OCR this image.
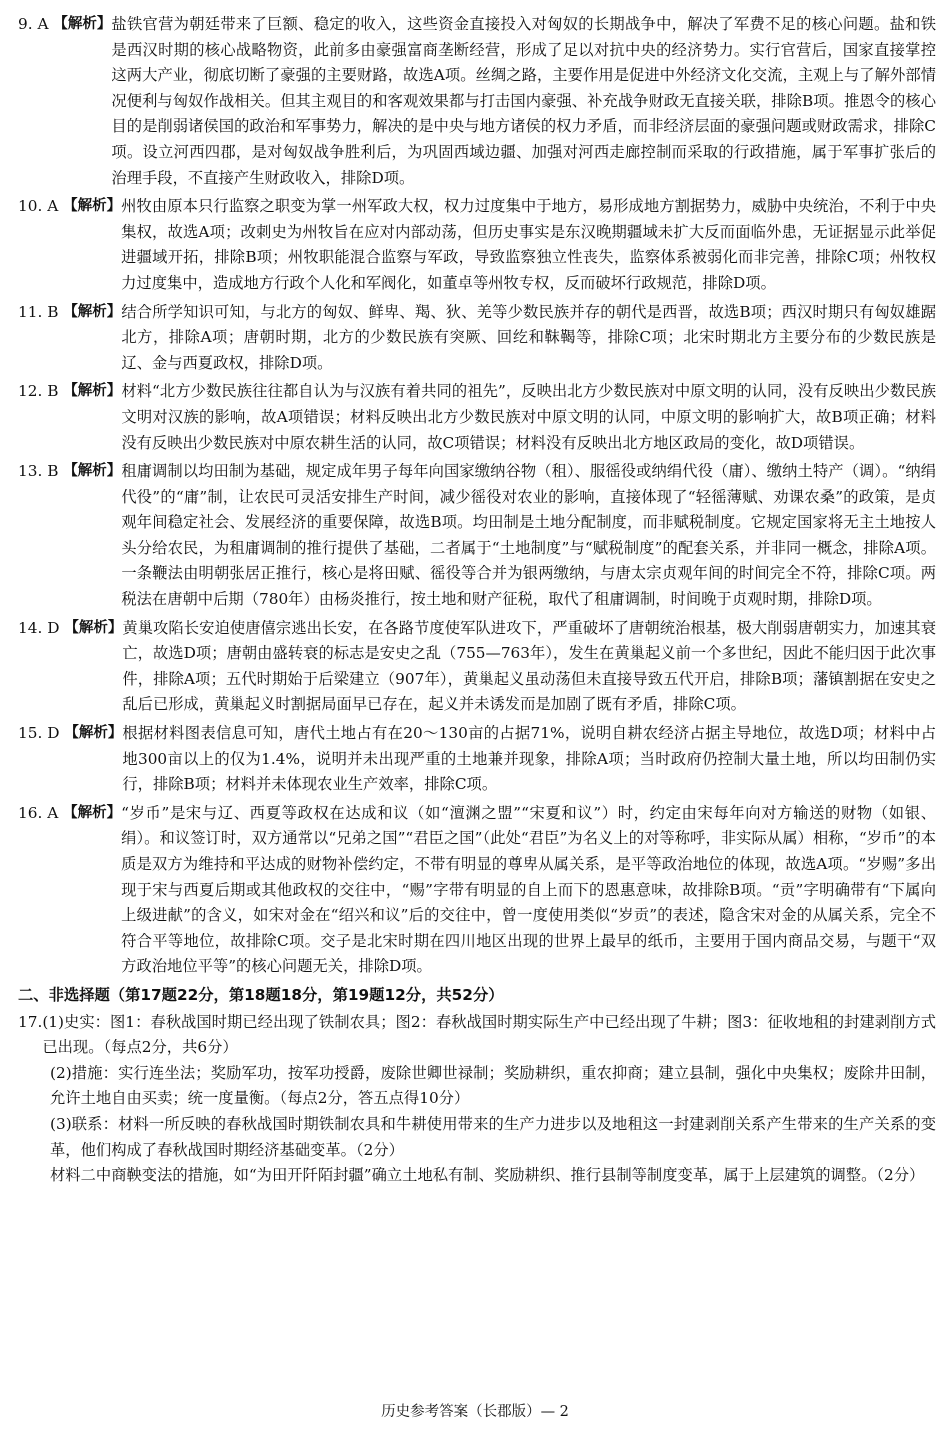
9. A 【解析】 盐铁官营为朝廷带来了巨额、稳定的收入，这些资金直接投入对匈奴的长期战争中，解决了军费不足的核心问题。盐和铁是西汉时期的核心战略物资，此前多由豪强富商垄断经营，形成了足以对抗中央的经济势力。实行官营后，国家直接掌控这两大产业，彻底切断了豪强的主要财路，故选A项。丝绸之路，主要作用是促进中外经济文化交流，主观上与了解外部情况便利与匈奴作战相关。但其主观目的和客观效果都与打击国内豪强、补充战争财政无直接关联，排除B项。推恩令的核心目的是削弱诸侯国的政治和军事势力，解决的是中央与地方诸侯的权力矛盾，而非经济层面的豪强问题或财政需求，排除C项。设立河西四郡，是对匈奴战争胜利后，为巩固西域边疆、加强对河西走廊控制而采取的行政措施，属于军事扩张后的治理手段，不直接产生财政收入，排除D项。
10. A 【解析】 州牧由原本只行监察之职变为掌一州军政大权，权力过度集中于地方，易形成地方割据势力，威胁中央统治，不利于中央集权，故选A项；改刺史为州牧旨在应对内部动荡，但历史事实是东汉晚期疆域未扩大反而面临外患，无证据显示此举促进疆域开拓，排除B项；州牧职能混合监察与军政，导致监察独立性丧失，监察体系被弱化而非完善，排除C项；州牧权力过度集中，造成地方行政个人化和军阀化，如董卓等州牧专权，反而破坏行政规范，排除D项。
11. B 【解析】 结合所学知识可知，与北方的匈奴、鲜卑、羯、狄、羌等少数民族并存的朝代是西晋，故选B项；西汉时期只有匈奴雄踞北方，排除A项；唐朝时期，北方的少数民族有突厥、回纥和靺鞨等，排除C项；北宋时期北方主要分布的少数民族是辽、金与西夏政权，排除D项。
12. B 【解析】 材料“北方少数民族往往都自认为与汉族有着共同的祖先”，反映出北方少数民族对中原文明的认同，没有反映出少数民族文明对汉族的影响，故A项错误；材料反映出北方少数民族对中原文明的认同，中原文明的影响扩大，故B项正确；材料没有反映出少数民族对中原农耕生活的认同，故C项错误；材料没有反映出北方地区政局的变化，故D项错误。
13. B 【解析】 租庸调制以均田制为基础，规定成年男子每年向国家缴纳谷物（租）、服徭役或纳绢代役（庸）、缴纳土特产（调）。“纳绢代役”的“庸”制，让农民可灵活安排生产时间，减少徭役对农业的影响，直接体现了“轻徭薄赋、劝课农桑”的政策，是贞观年间稳定社会、发展经济的重要保障，故选B项。均田制是土地分配制度，而非赋税制度。它规定国家将无主土地按人头分给农民，为租庸调制的推行提供了基础，二者属于“土地制度”与“赋税制度”的配套关系，并非同一概念，排除A项。一条鞭法由明朝张居正推行，核心是将田赋、徭役等合并为银两缴纳，与唐太宗贞观年间的时间完全不符，排除C项。两税法在唐朝中后期（780年）由杨炎推行，按土地和财产征税，取代了租庸调制，时间晚于贞观时期，排除D项。
14. D 【解析】 黄巢攻陷长安迫使唐僖宗逃出长安，在各路节度使军队进攻下，严重破坏了唐朝统治根基，极大削弱唐朝实力，加速其衰亡，故选D项；唐朝由盛转衰的标志是安史之乱（755—763年），发生在黄巢起义前一个多世纪，因此不能归因于此次事件，排除A项；五代时期始于后梁建立（907年），黄巢起义虽动荡但未直接导致五代开启，排除B项；藩镇割据在安史之乱后已形成，黄巢起义时割据局面早已存在，起义并未诱发而是加剧了既有矛盾，排除C项。
15. D 【解析】 根据材料图表信息可知，唐代土地占有在20～130亩的占据71%，说明自耕农经济占据主导地位，故选D项；材料中占地300亩以上的仅为1.4%，说明并未出现严重的土地兼并现象，排除A项；当时政府仍控制大量土地，所以均田制仍实行，排除B项；材料并未体现农业生产效率，排除C项。
16. A 【解析】 “岁币”是宋与辽、西夏等政权在达成和议（如“澶渊之盟”“宋夏和议”）时，约定由宋每年向对方输送的财物（如银、绢）。和议签订时，双方通常以“兄弟之国”“君臣之国”（此处“君臣”为名义上的对等称呼，非实际从属）相称，“岁币”的本质是双方为维持和平达成的财物补偿约定，不带有明显的尊卑从属关系，是平等政治地位的体现，故选A项。“岁赐”多出现于宋与西夏后期或其他政权的交往中，“赐”字带有明显的自上而下的恩惠意味，故排除B项。“贡”字明确带有“下属向上级进献”的含义，如宋对金在“绍兴和议”后的交往中，曾一度使用类似“岁贡”的表述，隐含宋对金的从属关系，完全不符合平等地位，故排除C项。交子是北宋时期在四川地区出现的世界上最早的纸币，主要用于国内商品交易，与题干“双方政治地位平等”的核心问题无关，排除D项。
二、非选择题（第17题22分，第18题18分，第19题12分，共52分）
17. (1)史实：图1：春秋战国时期已经出现了铁制农具；图2：春秋战国时期实际生产中已经出现了牛耕；图3：征收地租的封建剥削方式已出现。（每点2分，共6分）
(2)措施：实行连坐法；奖励军功，按军功授爵，废除世卿世禄制；奖励耕织，重农抑商；建立县制，强化中央集权；废除井田制，允许土地自由买卖；统一度量衡。（每点2分，答五点得10分）
(3)联系：材料一所反映的春秋战国时期铁制农具和牛耕使用带来的生产力进步以及地租这一封建剥削关系产生带来的生产关系的变革，他们构成了春秋战国时期经济基础变革。（2分）
材料二中商鞅变法的措施，如“为田开阡陌封疆”确立土地私有制、奖励耕织、推行县制等制度变革，属于上层建筑的调整。（2分）
历史参考答案（长郡版）— 2
